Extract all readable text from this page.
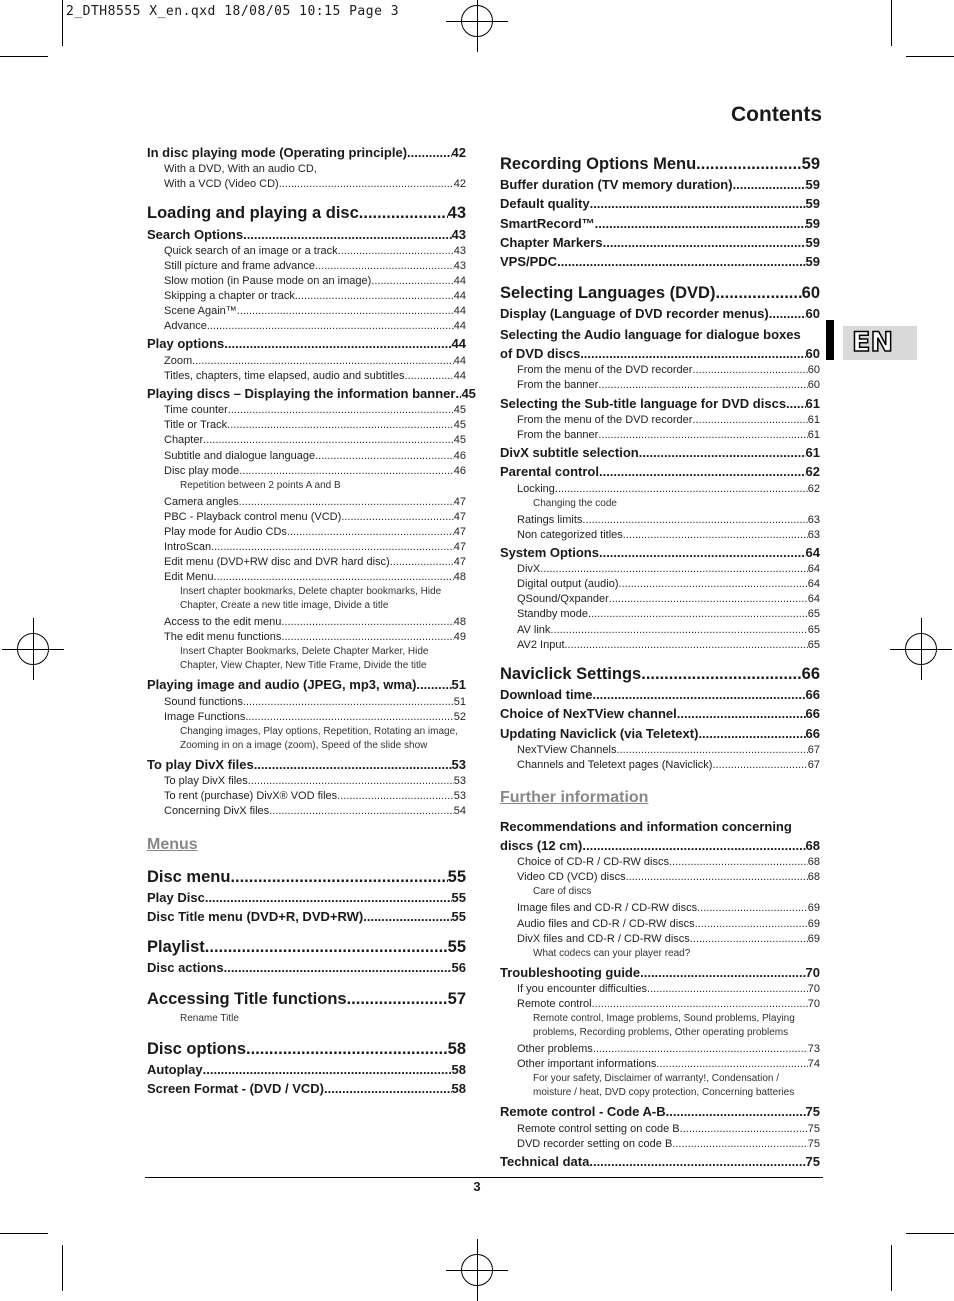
2_DTH8555 X_en.qxd 18/08/05 10:15 Page 3
Contents
EN
In disc playing mode (Operating principle) .....	42
With a DVD, With an audio CD,
With a VCD (Video CD) .....	42
Loading and playing a disc .....	43
Search Options .....	43
Quick search of an image or a track .....	43
Still picture and frame advance .....	43
Slow motion (in Pause mode on an image) .....	44
Skipping a chapter or track .....	44
Scene Again™ .....	44
Advance .....	44
Play options .....	44
Zoom .....	44
Titles, chapters, time elapsed, audio and subtitles .....	44
Playing discs – Displaying the information banner ..... 45
Time counter .....	45
Title or Track .....	45
Chapter .....	45
Subtitle and dialogue language .....	46
Disc play mode .....	46
Repetition between 2 points A and B
Camera angles .....	47
PBC - Playback control menu (VCD) .....	47
Play mode for Audio CDs .....	47
IntroScan .....	47
Edit menu (DVD+RW disc and DVR hard disc) .....	47
Edit Menu .....	48
Insert chapter bookmarks, Delete chapter bookmarks, Hide Chapter, Create a new title image, Divide a title
Access to the edit menu .....	48
The edit menu functions .....	49
Insert Chapter Bookmarks, Delete Chapter Marker, Hide Chapter, View Chapter, New Title Frame, Divide the title
Playing image and audio (JPEG, mp3, wma) .....	51
Sound functions .....	51
Image Functions .....	52
Changing images, Play options, Repetition, Rotating an image, Zooming in on a image (zoom), Speed of the slide show
To play DivX files .....	53
To play DivX files .....	53
To rent (purchase) DivX® VOD files .....	53
Concerning DivX files .....	54
Menus
Disc menu .....	55
Play Disc .....	55
Disc Title menu (DVD+R, DVD+RW) .....	55
Playlist .....	55
Disc actions .....	56
Accessing Title functions .....	57
Rename Title
Disc options .....	58
Autoplay .....	58
Screen Format - (DVD / VCD) .....	58
Recording Options Menu .....	59
Buffer duration (TV memory duration) .....	59
Default quality .....	59
SmartRecord™ .....	59
Chapter Markers .....	59
VPS/PDC .....	59
Selecting Languages (DVD) .....	60
Display (Language of DVD recorder menus) .....	60
Selecting the Audio language for dialogue boxes
of DVD discs .....	60
From the menu of the DVD recorder .....	60
From the banner .....	60
Selecting the Sub-title language for DVD discs ..... 61
From the menu of the DVD recorder .....	61
From the banner .....	61
DivX subtitle selection .....	61
Parental control .....	62
Locking .....	62
Changing the code
Ratings limits .....	63
Non categorized titles .....	63
System Options .....	64
DivX .....	64
Digital output (audio) .....	64
QSound/Qxpander .....	64
Standby mode .....	65
AV link .....	65
AV2 Input .....	65
Naviclick Settings .....	66
Download time .....	66
Choice of NexTView channel .....	66
Updating Naviclick (via Teletext) .....	66
NexTView Channels .....	67
Channels and Teletext pages (Naviclick) .....	67
Further information
Recommendations and information concerning
discs (12 cm) .....	68
Choice of CD-R / CD-RW discs .....	68
Video CD (VCD) discs .....	68
Care of discs
Image files and CD-R / CD-RW discs .....	69
Audio files and CD-R / CD-RW discs .....	69
DivX files and CD-R / CD-RW discs .....	69
What codecs can your player read?
Troubleshooting guide .....	70
If you encounter difficulties .....	70
Remote control .....	70
Remote control, Image problems, Sound problems, Playing problems, Recording problems, Other operating problems
Other problems .....	73
Other important informations .....	74
For your safety, Disclaimer of warranty!, Condensation / moisture / heat, DVD copy protection, Concerning batteries
Remote control - Code A-B .....	75
Remote control setting on code B .....	75
DVD recorder setting on code B .....	75
Technical data .....	75
3
